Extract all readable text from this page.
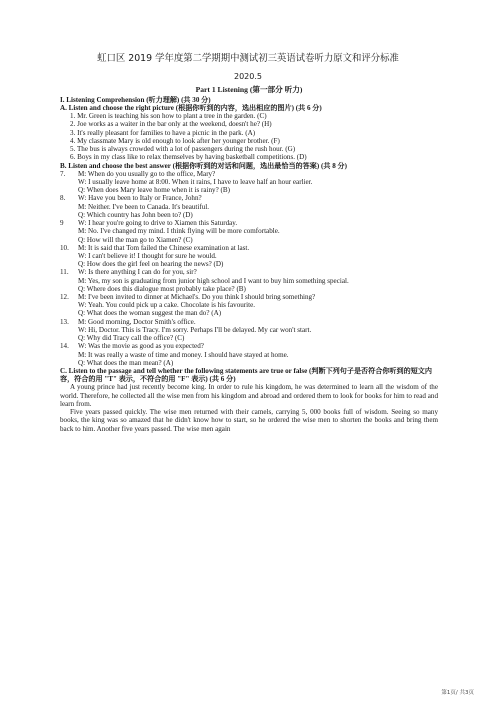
虹口区 2019 学年度第二学期期中测试初三英语试卷听力原文和评分标准
2020.5
Part 1 Listening (第一部分 听力)
I. Listening Comprehension (听力理解) (共 30 分)
A. Listen and choose the right picture (根据你听到的内容，选出相应的图片) (共 6 分)
1. Mr. Green is teaching his son how to plant a tree in the garden. (C)
2. Joe works as a waiter in the bar only at the weekend, doesn't he? (H)
3. It's really pleasant for families to have a picnic in the park. (A)
4. My classmate Mary is old enough to look after her younger brother. (F)
5. The bus is always crowded with a lot of passengers during the rush hour. (G)
6. Boys in my class like to relax themselves by having basketball competitions. (D)
B. Listen and choose the best answer (根据你听到的对话和问题，选出最恰当的答案) (共 8 分)
7.	M: When do you usually go to the office, Mary?
W: I usually leave home at 8:00. When it rains, I have to leave half an hour earlier.
Q: When does Mary leave home when it is rainy? (B)
8.	W: Have you been to Italy or France, John?
M: Neither. I've been to Canada. It's beautiful.
Q: Which country has John been to? (D)
9	W: I hear you're going to drive to Xiamen this Saturday.
M: No. I've changed my mind. I think flying will be more comfortable.
Q: How will the man go to Xiamen? (C)
10.	M: It is said that Tom failed the Chinese examination at last.
W: I can't believe it! I thought for sure he would.
Q: How does the girl feel on hearing the news? (D)
11.	W: Is there anything I can do for you, sir?
M: Yes, my son is graduating from junior high school and I want to buy him something special.
Q: Where does this dialogue most probably take place? (B)
12.	M: I've been invited to dinner at Michael's. Do you think I should bring something?
W: Yeah. You could pick up a cake. Chocolate is his favourite.
Q: What does the woman suggest the man do? (A)
13.	M: Good morning, Doctor Smith's office.
W: Hi, Doctor. This is Tracy. I'm sorry. Perhaps I'll be delayed. My car won't start.
Q: Why did Tracy call the office? (C)
14.	W: Was the movie as good as you expected?
M: It was really a waste of time and money. I should have stayed at home.
Q: What does the man mean? (A)
C. Listen to the passage and tell whether the following statements are true or false (判断下列句子是否符合你听到的短文内容，符合的用 "T" 表示，不符合的用 "F" 表示) (共 6 分)
A young prince had just recently become king. In order to rule his kingdom, he was determined to learn all the wisdom of the world. Therefore, he collected all the wise men from his kingdom and abroad and ordered them to look for books for him to read and learn from.
Five years passed quickly. The wise men returned with their camels, carrying 5, 000 books full of wisdom. Seeing so many books, the king was so amazed that he didn't know how to start, so he ordered the wise men to shorten the books and bring them back to him. Another five years passed. The wise men again
第1页/ 共3页
